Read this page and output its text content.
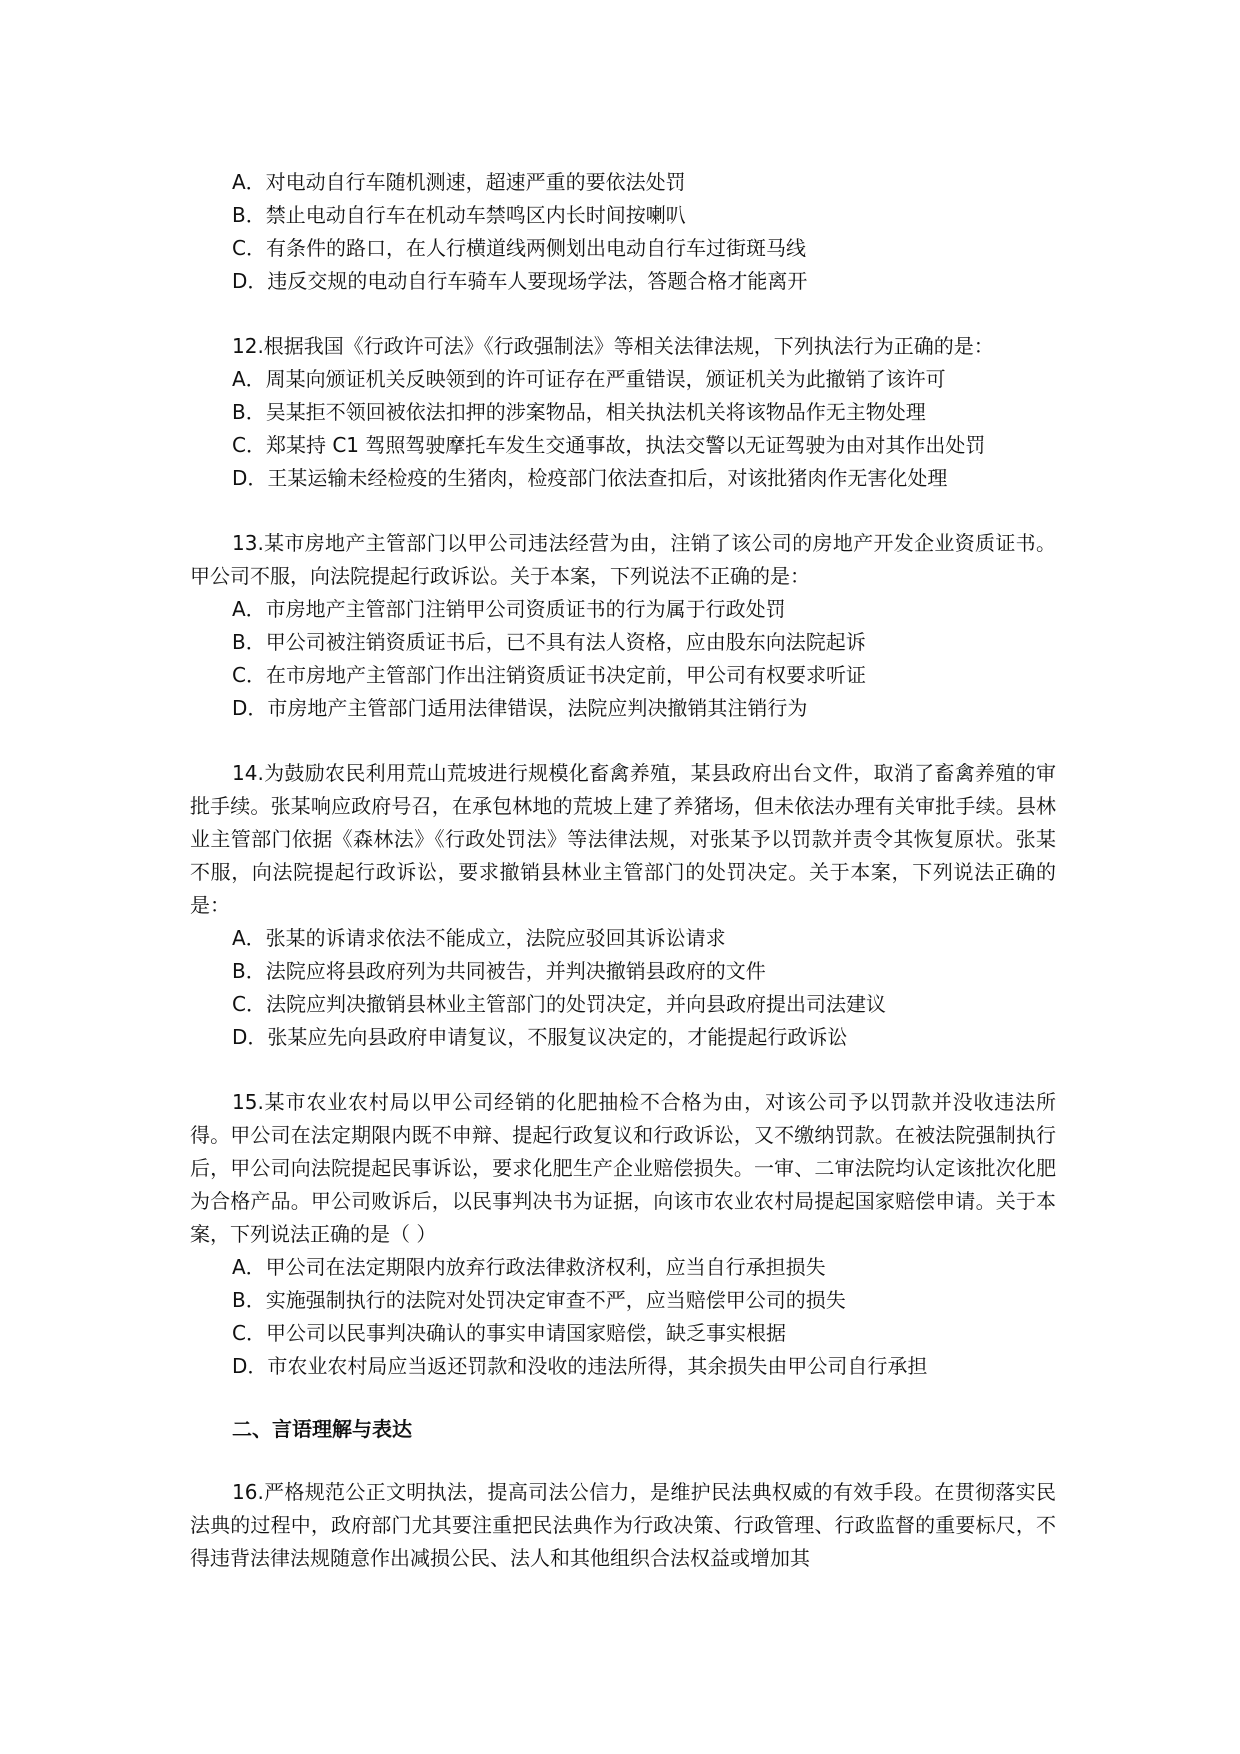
A．对电动自行车随机测速，超速严重的要依法处罚

B．禁止电动自行车在机动车禁鸣区内长时间按喇叭

C．有条件的路口，在人行横道线两侧划出电动自行车过街斑马线

D．违反交规的电动自行车骑车人要现场学法，答题合格才能离开

12.根据我国《行政许可法》《行政强制法》等相关法律法规，下列执法行为正确的是：

A．周某向颁证机关反映领到的许可证存在严重错误，颁证机关为此撤销了该许可

B．吴某拒不领回被依法扣押的涉案物品，相关执法机关将该物品作无主物处理

C．郑某持 C1 驾照驾驶摩托车发生交通事故，执法交警以无证驾驶为由对其作出处罚

D．王某运输未经检疫的生猪肉，检疫部门依法查扣后，对该批猪肉作无害化处理

13.某市房地产主管部门以甲公司违法经营为由，注销了该公司的房地产开发企业资质证书。甲公司不服，向法院提起行政诉讼。关于本案，下列说法不正确的是：

A．市房地产主管部门注销甲公司资质证书的行为属于行政处罚

B．甲公司被注销资质证书后，已不具有法人资格，应由股东向法院起诉

C．在市房地产主管部门作出注销资质证书决定前，甲公司有权要求听证

D．市房地产主管部门适用法律错误，法院应判决撤销其注销行为

14.为鼓励农民利用荒山荒坡进行规模化畜禽养殖，某县政府出台文件，取消了畜禽养殖的审批手续。张某响应政府号召，在承包林地的荒坡上建了养猪场，但未依法办理有关审批手续。县林业主管部门依据《森林法》《行政处罚法》等法律法规，对张某予以罚款并责令其恢复原状。张某不服，向法院提起行政诉讼，要求撤销县林业主管部门的处罚决定。关于本案，下列说法正确的是：

A．张某的诉请求依法不能成立，法院应驳回其诉讼请求

B．法院应将县政府列为共同被告，并判决撤销县政府的文件

C．法院应判决撤销县林业主管部门的处罚决定，并向县政府提出司法建议

D．张某应先向县政府申请复议，不服复议决定的，才能提起行政诉讼

15.某市农业农村局以甲公司经销的化肥抽检不合格为由，对该公司予以罚款并没收违法所得。甲公司在法定期限内既不申辩、提起行政复议和行政诉讼，又不缴纳罚款。在被法院强制执行后，甲公司向法院提起民事诉讼，要求化肥生产企业赔偿损失。一审、二审法院均认定该批次化肥为合格产品。甲公司败诉后，以民事判决书为证据，向该市农业农村局提起国家赔偿申请。关于本案，下列说法正确的是（ ）

A．甲公司在法定期限内放弃行政法律救济权利，应当自行承担损失

B．实施强制执行的法院对处罚决定审查不严，应当赔偿甲公司的损失

C．甲公司以民事判决确认的事实申请国家赔偿，缺乏事实根据

D．市农业农村局应当返还罚款和没收的违法所得，其余损失由甲公司自行承担

二、言语理解与表达

16.严格规范公正文明执法，提高司法公信力，是维护民法典权威的有效手段。在贯彻落实民法典的过程中，政府部门尤其要注重把民法典作为行政决策、行政管理、行政监督的重要标尺，不得违背法律法规随意作出减损公民、法人和其他组织合法权益或增加其
